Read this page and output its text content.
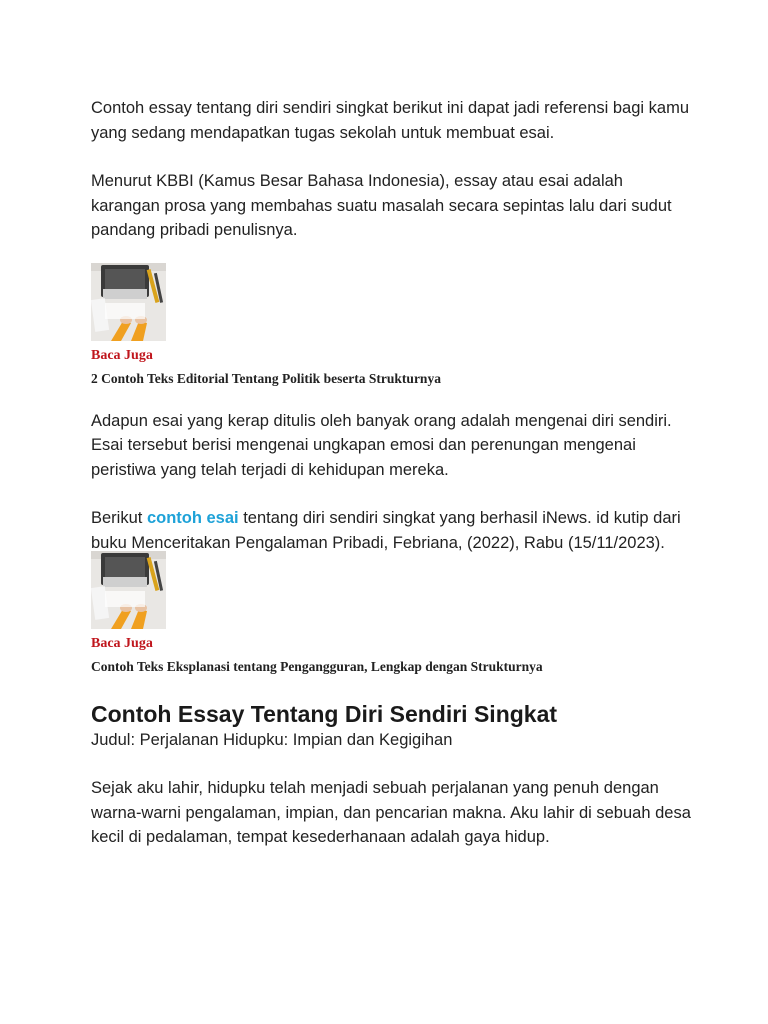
Contoh essay tentang diri sendiri singkat berikut ini dapat jadi referensi bagi kamu yang sedang mendapatkan tugas sekolah untuk membuat esai.

Menurut KBBI (Kamus Besar Bahasa Indonesia), essay atau esai adalah karangan prosa yang membahas suatu masalah secara sepintas lalu dari sudut pandang pribadi penulisnya.

Baca Juga
2 Contoh Teks Editorial Tentang Politik beserta Strukturnya

Adapun esai yang kerap ditulis oleh banyak orang adalah mengenai diri sendiri. Esai tersebut berisi mengenai ungkapan emosi dan perenungan mengenai peristiwa yang telah terjadi di kehidupan mereka.

Berikut contoh esai tentang diri sendiri singkat yang berhasil iNews. id kutip dari buku Menceritakan Pengalaman Pribadi, Febriana, (2022), Rabu (15/11/2023).

Baca Juga
Contoh Teks Eksplanasi tentang Pengangguran, Lengkap dengan Strukturnya
Contoh Essay Tentang Diri Sendiri Singkat

Judul: Perjalanan Hidupku: Impian dan Kegigihan

Sejak aku lahir, hidupku telah menjadi sebuah perjalanan yang penuh dengan warna-warni pengalaman, impian, dan pencarian makna. Aku lahir di sebuah desa kecil di pedalaman, tempat kesederhanaan adalah gaya hidup.
